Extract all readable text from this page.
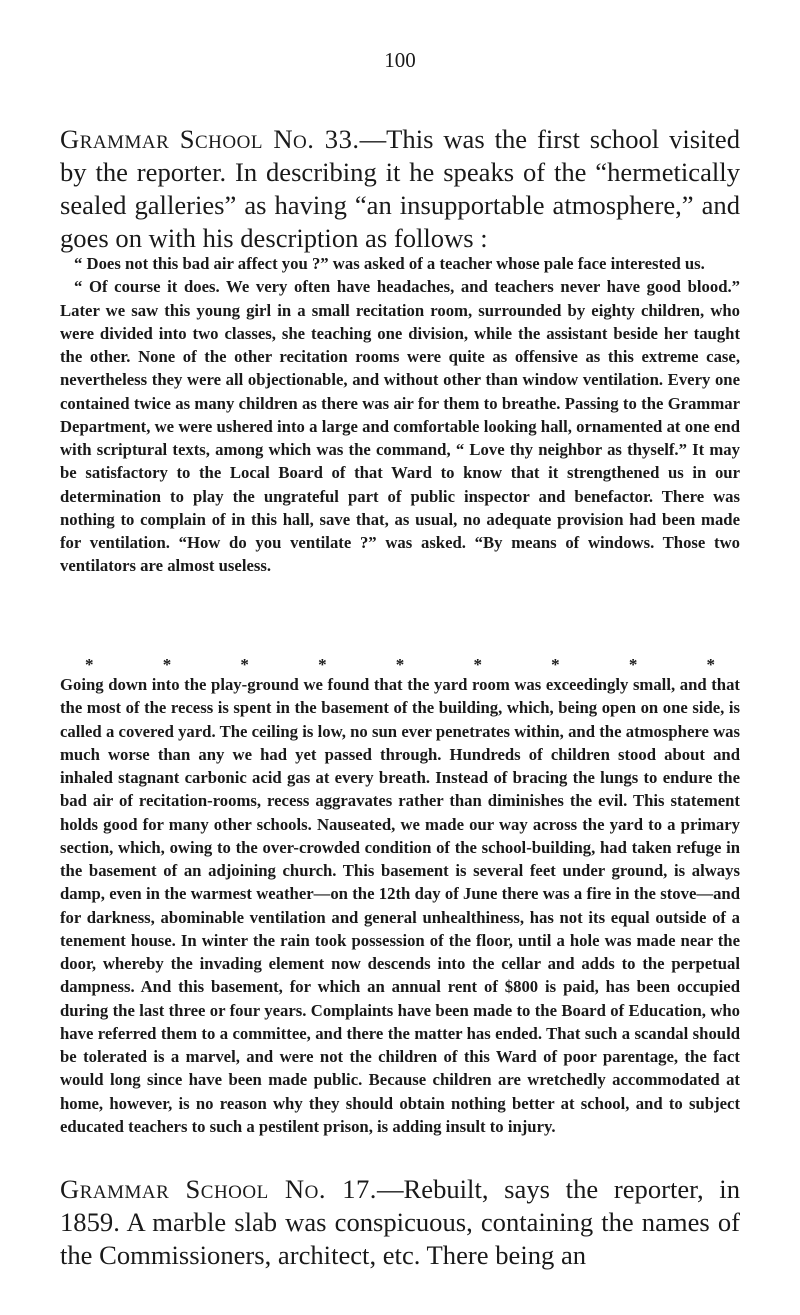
100

Grammar School No. 33.—This was the first school visited by the reporter. In describing it he speaks of the “hermetically sealed galleries” as having “an insupportable atmosphere,” and goes on with his description as follows :

“ Does not this bad air affect you ?” was asked of a teacher whose pale face interested us.

“ Of course it does. We very often have headaches, and teachers never have good blood.” Later we saw this young girl in a small recitation room, surrounded by eighty children, who were divided into two classes, she teaching one division, while the assistant beside her taught the other. None of the other recitation rooms were quite as offensive as this extreme case, nevertheless they were all objectionable, and without other than window ventilation. Every one contained twice as many children as there was air for them to breathe. Passing to the Grammar Department, we were ushered into a large and comfortable looking hall, ornamented at one end with scriptural texts, among which was the command, “ Love thy neighbor as thyself.” It may be satisfactory to the Local Board of that Ward to know that it strengthened us in our determination to play the ungrateful part of public inspector and benefactor. There was nothing to complain of in this hall, save that, as usual, no adequate provision had been made for ventilation. “How do you ventilate ?” was asked. “By means of windows. Those two ventilators are almost useless.

*	*	*	*	*	*	*	*	*

Going down into the play-ground we found that the yard room was exceedingly small, and that the most of the recess is spent in the basement of the building, which, being open on one side, is called a covered yard. The ceiling is low, no sun ever penetrates within, and the atmosphere was much worse than any we had yet passed through. Hundreds of children stood about and inhaled stagnant carbonic acid gas at every breath. Instead of bracing the lungs to endure the bad air of recitation-rooms, recess aggravates rather than diminishes the evil. This statement holds good for many other schools. Nauseated, we made our way across the yard to a primary section, which, owing to the over-crowded condition of the school-building, had taken refuge in the basement of an adjoining church. This basement is several feet under ground, is always damp, even in the warmest weather—on the 12th day of June there was a fire in the stove—and for darkness, abominable ventilation and general unhealthiness, has not its equal outside of a tenement house. In winter the rain took possession of the floor, until a hole was made near the door, whereby the invading element now descends into the cellar and adds to the perpetual dampness. And this basement, for which an annual rent of $800 is paid, has been occupied during the last three or four years. Complaints have been made to the Board of Education, who have referred them to a committee, and there the matter has ended. That such a scandal should be tolerated is a marvel, and were not the children of this Ward of poor parentage, the fact would long since have been made public. Because children are wretchedly accommodated at home, however, is no reason why they should obtain nothing better at school, and to subject educated teachers to such a pestilent prison, is adding insult to injury.

Grammar School No. 17.—Rebuilt, says the reporter, in 1859. A marble slab was conspicuous, containing the names of the Commissioners, architect, etc. There being an
